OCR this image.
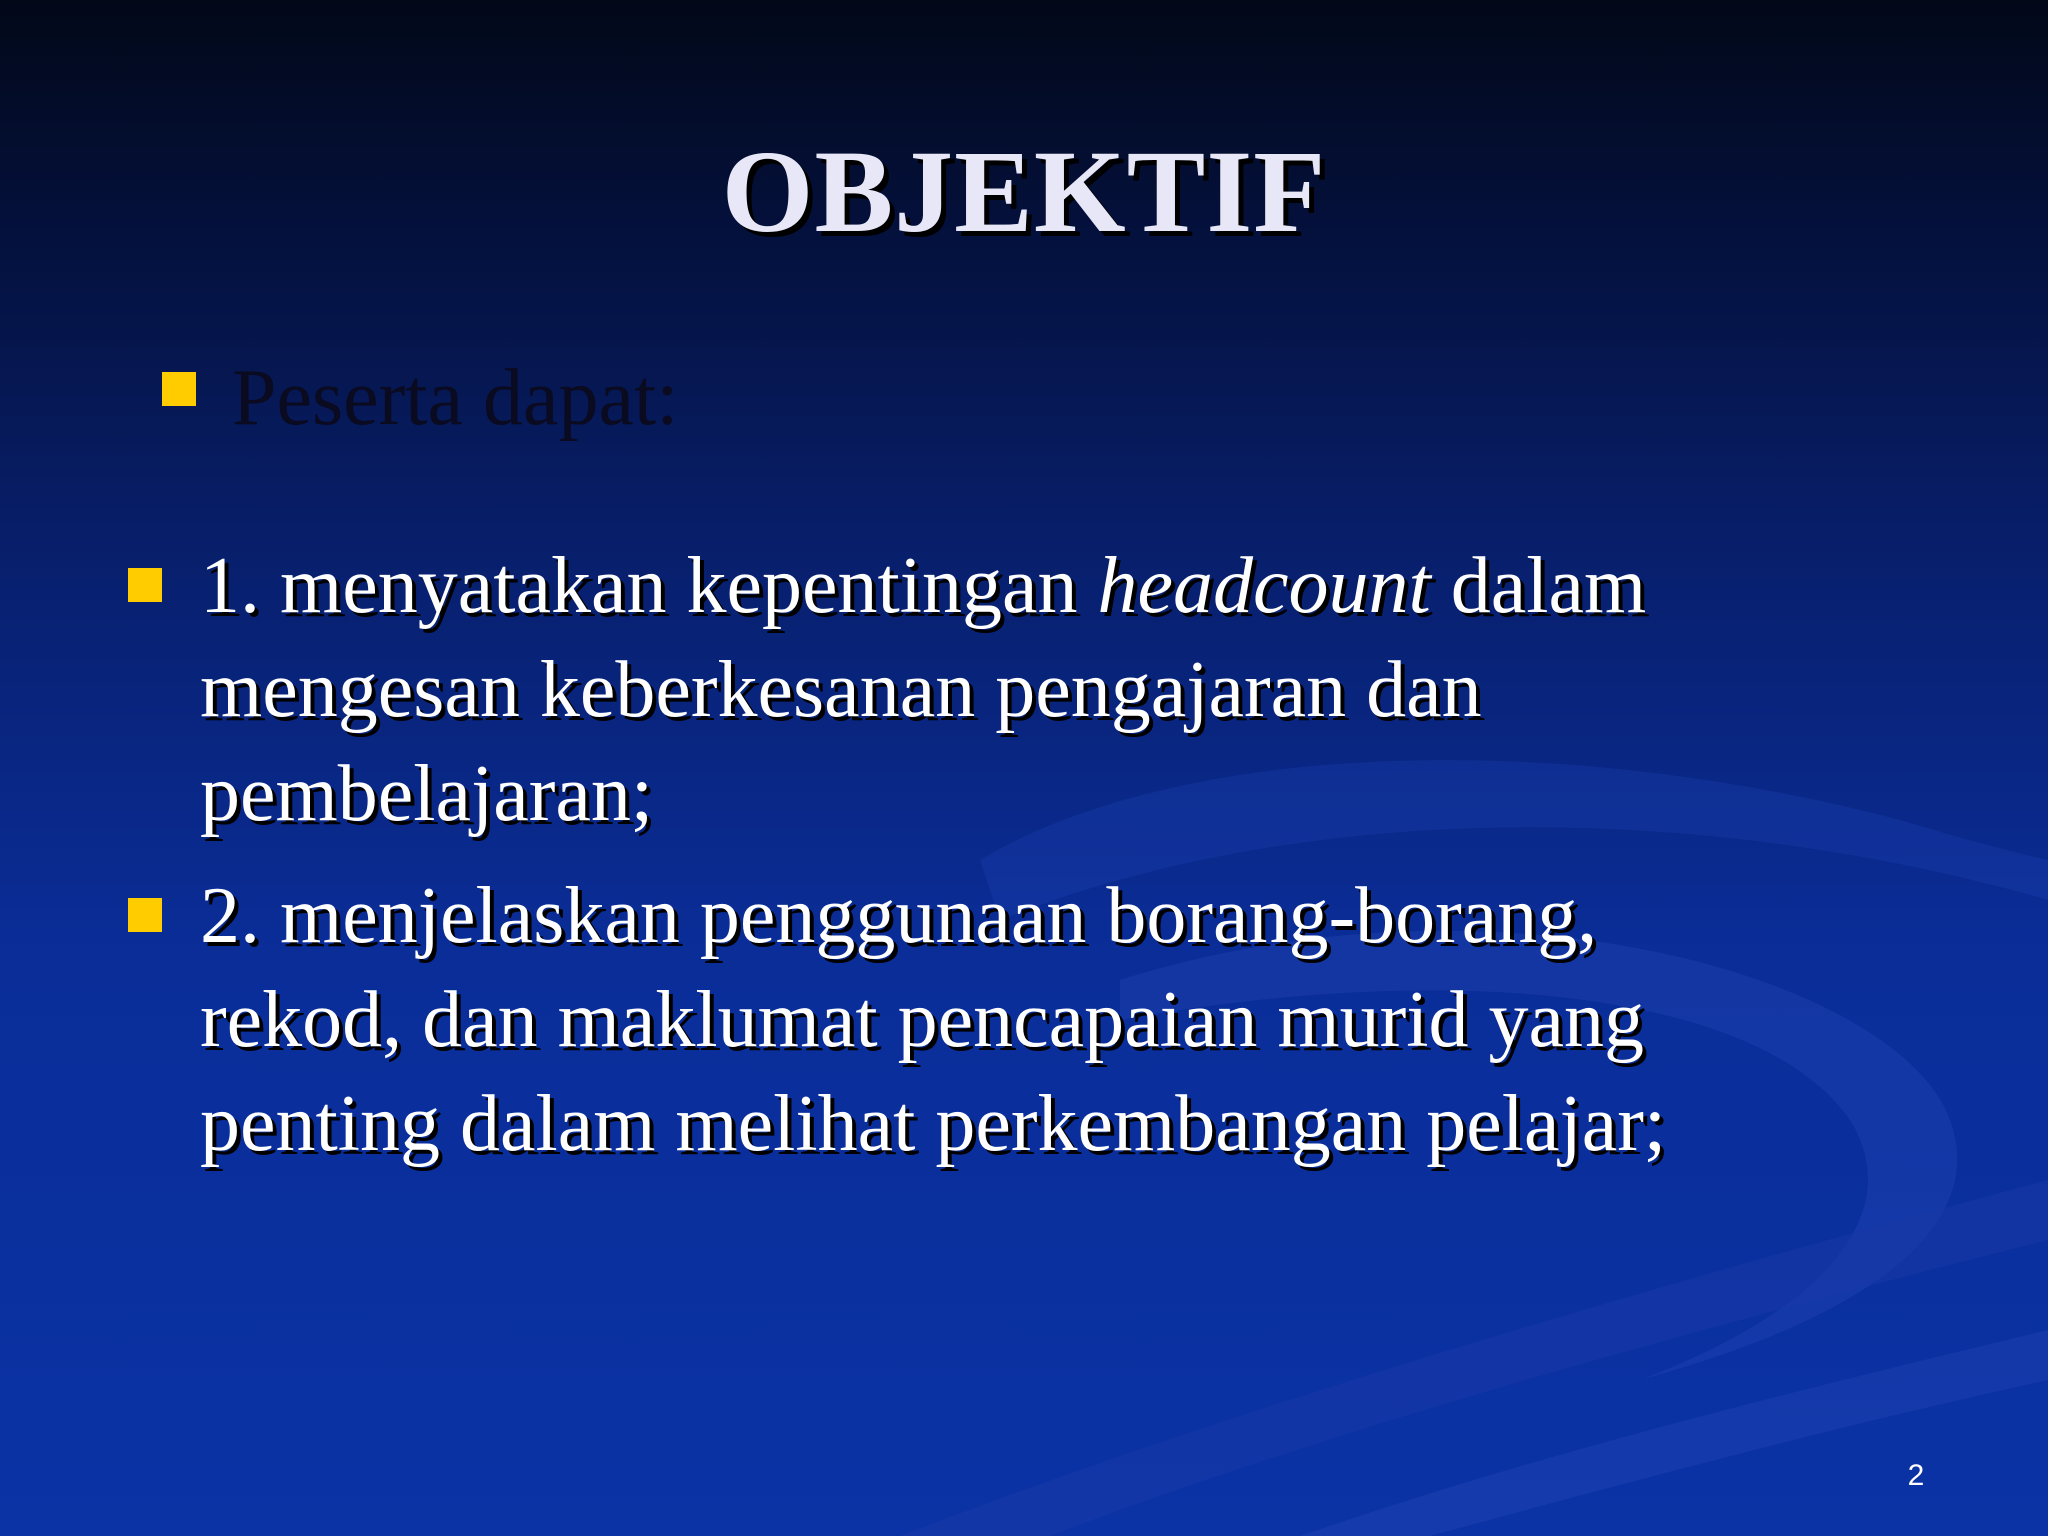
OBJEKTIF
Peserta dapat:
1. menyatakan kepentingan headcount dalam
mengesan keberkesanan pengajaran dan
pembelajaran;
2. menjelaskan penggunaan borang-borang,
rekod, dan maklumat pencapaian murid yang
penting dalam melihat perkembangan pelajar;
2
